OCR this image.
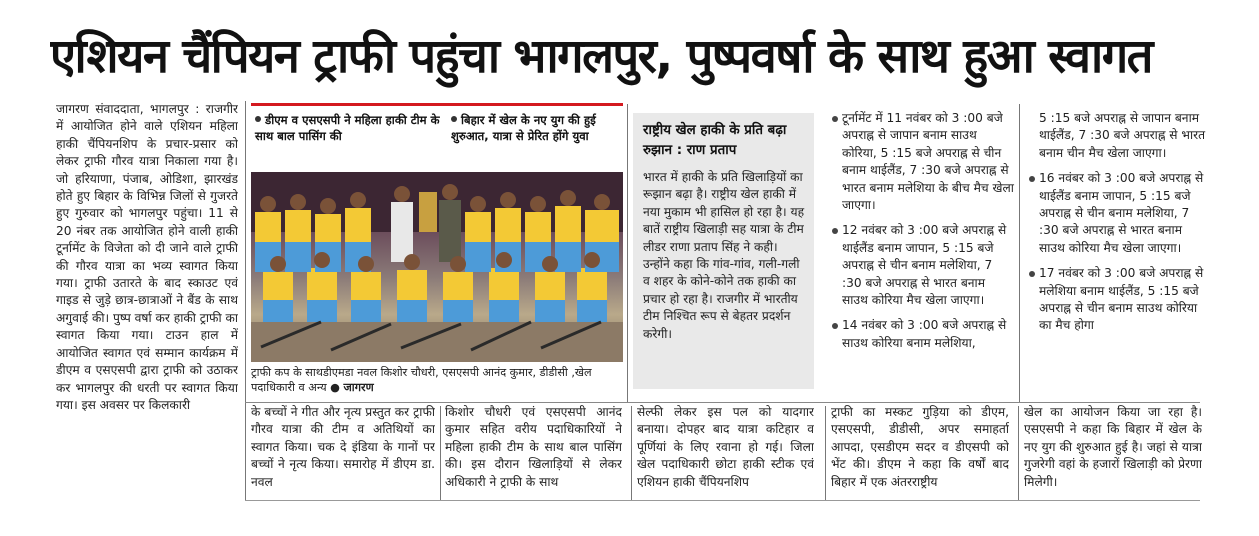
एशियन चैंपियन ट्राफी पहुंचा भागलपुर, पुष्पवर्षा के साथ हुआ स्वागत

जागरण संवाददाता, भागलपुर : राजगीर में आयोजित होने वाले एशियन महिला हाकी चैंपियनशिप के प्रचार-प्रसार को लेकर ट्राफी गौरव यात्रा निकाला गया है। जो हरियाणा, पंजाब, ओडिशा, झारखंड होते हुए बिहार के विभिन्न जिलों से गुजरते हुए गुरुवार को भागलपुर पहुंचा। 11 से 20 नंबर तक आयोजित होने वाली हाकी टूर्नामेंट के विजेता को दी जाने वाले ट्राफी की गौरव यात्रा का भव्य स्वागत किया गया। ट्राफी उतारते के बाद स्काउट एवं गाइड से जुड़े छात्र-छात्राओं ने बैंड के साथ अगुवाई की। पुष्प वर्षा कर हाकी ट्राफी का स्वागत किया गया। टाउन हाल में आयोजित स्वागत एवं सम्मान कार्यक्रम में डीएम व एसएसपी द्वारा ट्राफी को उठाकर कर भागलपुर की धरती पर स्वागत किया गया। इस अवसर पर किलकारी

डीएम व एसएसपी ने महिला हाकी टीम के साथ बाल पासिंग की
बिहार में खेल के नए युग की हुई शुरुआत, यात्रा से प्रेरित होंगे युवा
ट्राफी कप के साथडीएमडा नवल किशोर चौधरी, एसएसपी आनंद कुमार, डीडीसी ,खेल पदाधिकारी व अन्य ● जागरण
राष्ट्रीय खेल हाकी के प्रति बढ़ा रुझान : राण प्रताप
भारत में हाकी के प्रति खिलाड़ियों का रूझान बढ़ा है। राष्ट्रीय खेल हाकी में नया मुकाम भी हासिल हो रहा है। यह बातें राष्ट्रीय खिलाड़ी सह यात्रा के टीम लीडर राणा प्रताप सिंह ने कही। उन्होंने कहा कि गांव-गांव, गली-गली व शहर के कोने-कोने तक हाकी का प्रचार हो रहा है। राजगीर में भारतीय टीम निश्चित रूप से बेहतर प्रदर्शन करेगी।
टूर्नामेंट में 11 नवंबर को 3 :00 बजे अपराह्न से जापान बनाम साउथ कोरिया, 5 :15 बजे अपराह्न से चीन बनाम थाईलैंड, 7 :30 बजे अपराह्न से भारत बनाम मलेशिया के बीच मैच खेला जाएगा।
12 नवंबर को 3 :00 बजे अपराह्न से थाईलैंड बनाम जापान, 5 :15 बजे अपराह्न से चीन बनाम मलेशिया, 7 :30 बजे अपराह्न से भारत बनाम साउथ कोरिया मैच खेला जाएगा।
14 नवंबर को 3 :00 बजे अपराह्न से साउथ कोरिया बनाम मलेशिया,
5 :15 बजे अपराह्न से जापान बनाम थाईलैंड, 7 :30 बजे अपराह्न से भारत बनाम चीन मैच खेला जाएगा।
16 नवंबर को 3 :00 बजे अपराह्न से थाईलैंड बनाम जापान, 5 :15 बजे अपराह्न से चीन बनाम मलेशिया, 7 :30 बजे अपराह्न से भारत बनाम साउथ कोरिया मैच खेला जाएगा।
17 नवंबर को 3 :00 बजे अपराह्न से मलेशिया बनाम थाईलैंड, 5 :15 बजे अपराह्न से चीन बनाम साउथ कोरिया का मैच होगा

के बच्चों ने गीत और नृत्य प्रस्तुत कर ट्राफी गौरव यात्रा की टीम व अतिथियों का स्वागत किया। चक दे इंडिया के गानों पर बच्चों ने नृत्य किया। समारोह में डीएम डा. नवल

किशोर चौधरी एवं एसएसपी आनंद कुमार सहित वरीय पदाधिकारियों ने महिला हाकी टीम के साथ बाल पासिंग की। इस दौरान खिलाड़ियों से लेकर अधिकारी ने ट्राफी के साथ

सेल्फी लेकर इस पल को यादगार बनाया। दोपहर बाद यात्रा कटिहार व पूर्णियां के लिए रवाना हो गई। जिला खेल पदाधिकारी छोटा हाकी स्टीक एवं एशियन हाकी चैंपियनशिप

ट्राफी का मस्कट गुड़िया को डीएम, एसएसपी, डीडीसी, अपर समाहर्ता आपदा, एसडीएम सदर व डीएसपी को भेंट की। डीएम ने कहा कि वर्षों बाद बिहार में एक अंतरराष्ट्रीय

खेल का आयोजन किया जा रहा है। एसएसपी ने कहा कि बिहार में खेल के नए युग की शुरुआत हुई है। जहां से यात्रा गुजरेगी वहां के हजारों खिलाड़ी को प्रेरणा मिलेगी।
